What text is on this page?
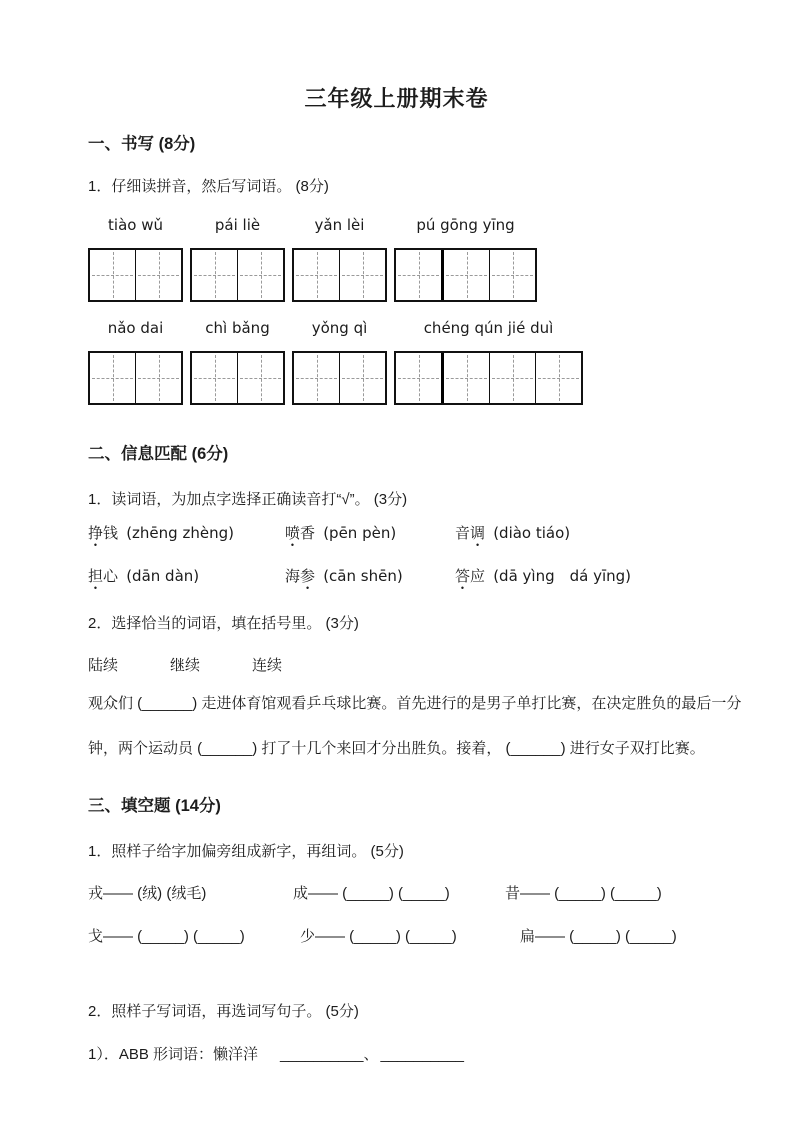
三年级上册期末卷
一、书写 (8分)
1．仔细读拼音，然后写词语。 (8分)
tiào wǔ	pái liè	yǎn lèi	pú gōng yīng
nǎo dai	chì bǎng	yǒng qì	chéng qún jié duì
二、信息匹配 (6分)
1．读词语，为加点字选择正确读音打“√”。 (3分)
挣钱 (zhēng zhèng)	喷香 (pēn pèn)	音调 (diào tiáo)
担心 (dān dàn)	海参 (cān shēn)	答应 (dā yìng　dá yīng)
2．选择恰当的词语，填在括号里。 (3分)
陆续	继续	连续
观众们 (______) 走进体育馆观看乒乓球比赛。首先进行的是男子单打比赛，在决定胜负的最后一分
钟，两个运动员 (______) 打了十几个来回才分出胜负。接着， (______) 进行女子双打比赛。
三、填空题 (14分)
1．照样子给字加偏旁组成新字，再组词。 (5分)
戎—— (绒) (绒毛)	成—— (_____) (_____)	昔—— (_____) (_____)
戈—— (_____) (_____)	少—— (_____) (_____)	扁—— (_____) (_____)
2．照样子写词语，再选词写句子。 (5分)
1）．ABB 形词语：懒洋洋 __________、 __________
